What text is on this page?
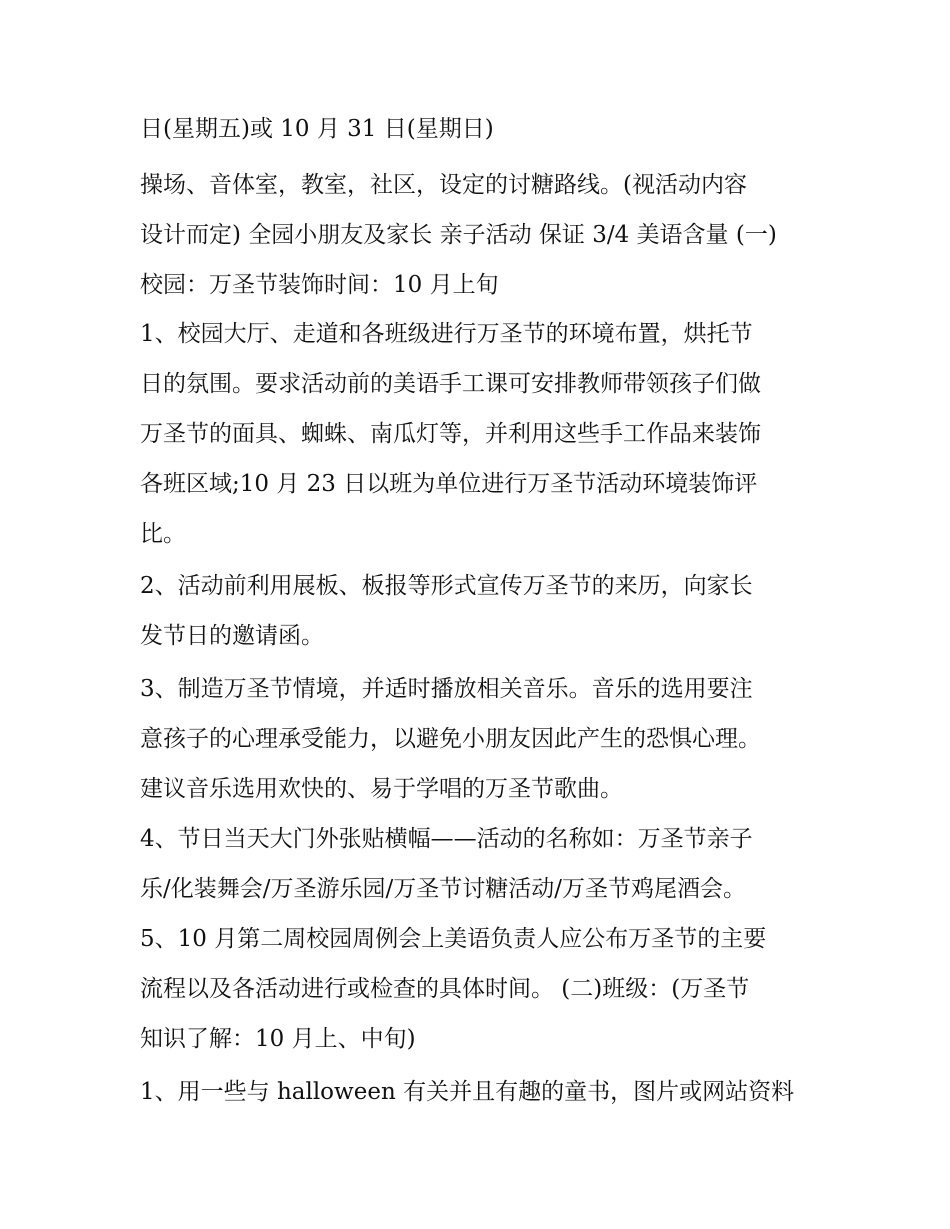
日(星期五)或 10 月 31 日(星期日)

操场、音体室，教室，社区，设定的讨糖路线。(视活动内容
设计而定) 全园小朋友及家长 亲子活动 保证 3/4 美语含量 (一)
校园：万圣节装饰时间：10 月上旬

1、校园大厅、走道和各班级进行万圣节的环境布置，烘托节
日的氛围。要求活动前的美语手工课可安排教师带领孩子们做
万圣节的面具、蜘蛛、南瓜灯等，并利用这些手工作品来装饰
各班区域;10 月 23 日以班为单位进行万圣节活动环境装饰评
比。

2、活动前利用展板、板报等形式宣传万圣节的来历，向家长
发节日的邀请函。

3、制造万圣节情境，并适时播放相关音乐。音乐的选用要注
意孩子的心理承受能力，以避免小朋友因此产生的恐惧心理。
建议音乐选用欢快的、易于学唱的万圣节歌曲。

4、节日当天大门外张贴横幅——活动的名称如：万圣节亲子
乐/化装舞会/万圣游乐园/万圣节讨糖活动/万圣节鸡尾酒会。

5、10 月第二周校园周例会上美语负责人应公布万圣节的主要
流程以及各活动进行或检查的具体时间。 (二)班级：(万圣节
知识了解：10 月上、中旬)

1、用一些与 halloween 有关并且有趣的童书，图片或网站资料
